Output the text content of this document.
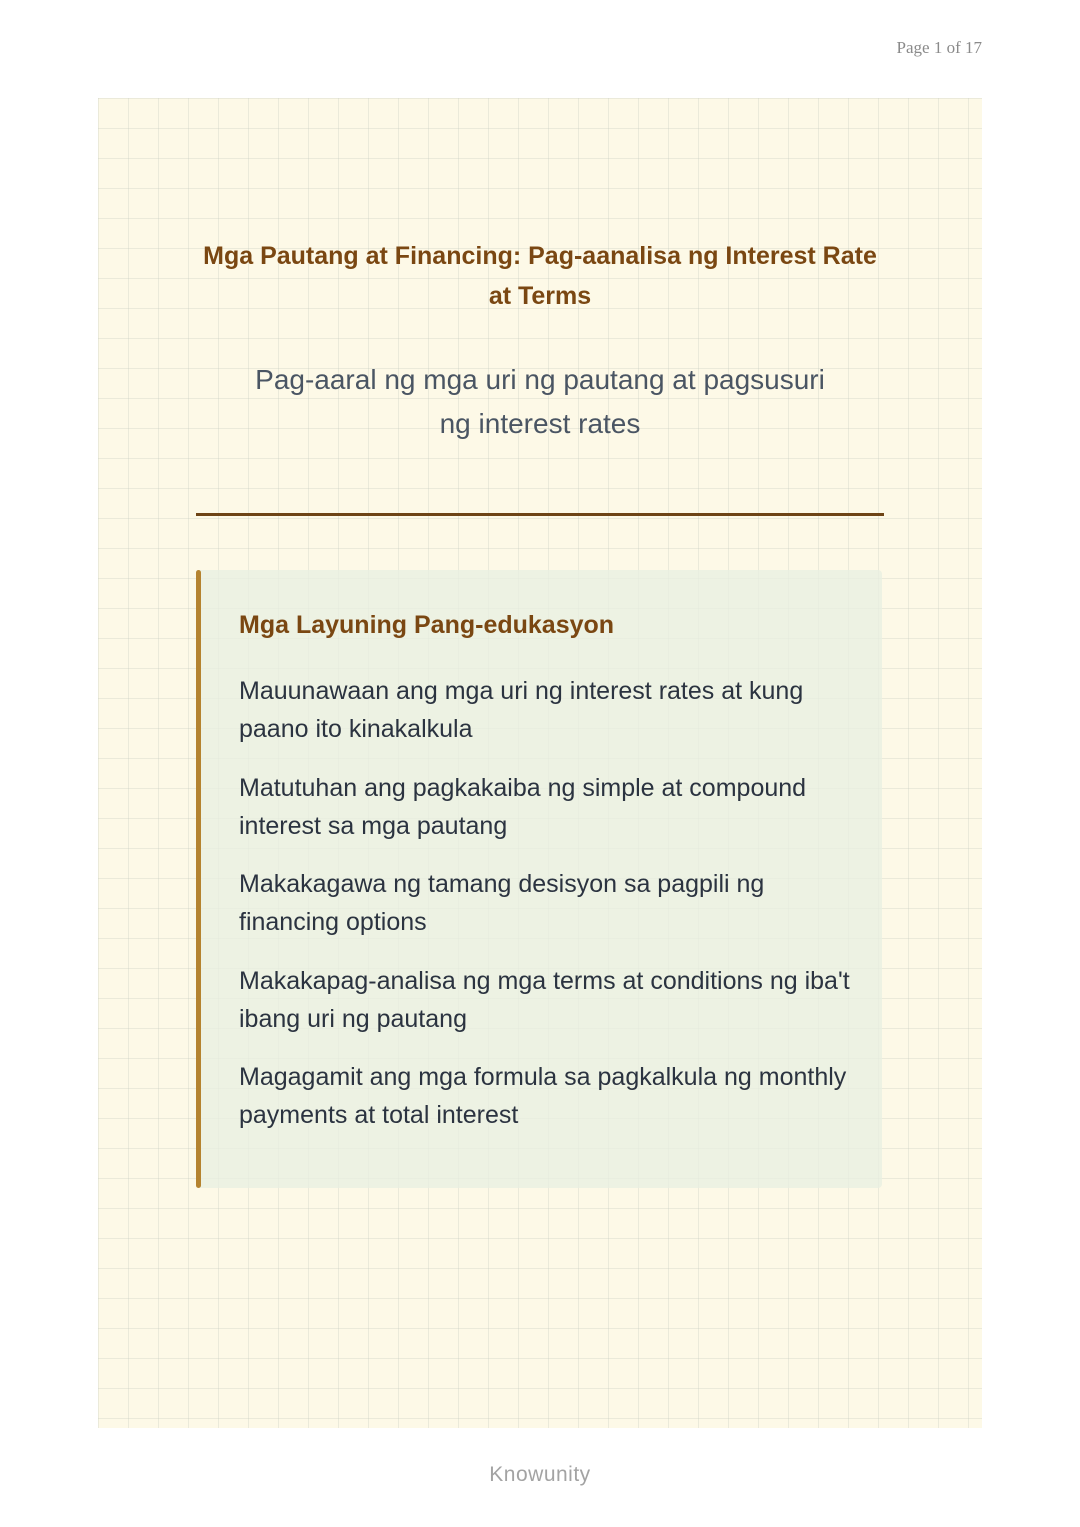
Page 1 of 17
Mga Pautang at Financing: Pag-aanalisa ng Interest Rate at Terms
Pag-aaral ng mga uri ng pautang at pagsusuri ng interest rates
Mga Layuning Pang-edukasyon
Mauunawaan ang mga uri ng interest rates at kung paano ito kinakalkula
Matutuhan ang pagkakaiba ng simple at compound interest sa mga pautang
Makakagawa ng tamang desisyon sa pagpili ng financing options
Makakapag-analisa ng mga terms at conditions ng iba't ibang uri ng pautang
Magagamit ang mga formula sa pagkalkula ng monthly payments at total interest
Knowunity
